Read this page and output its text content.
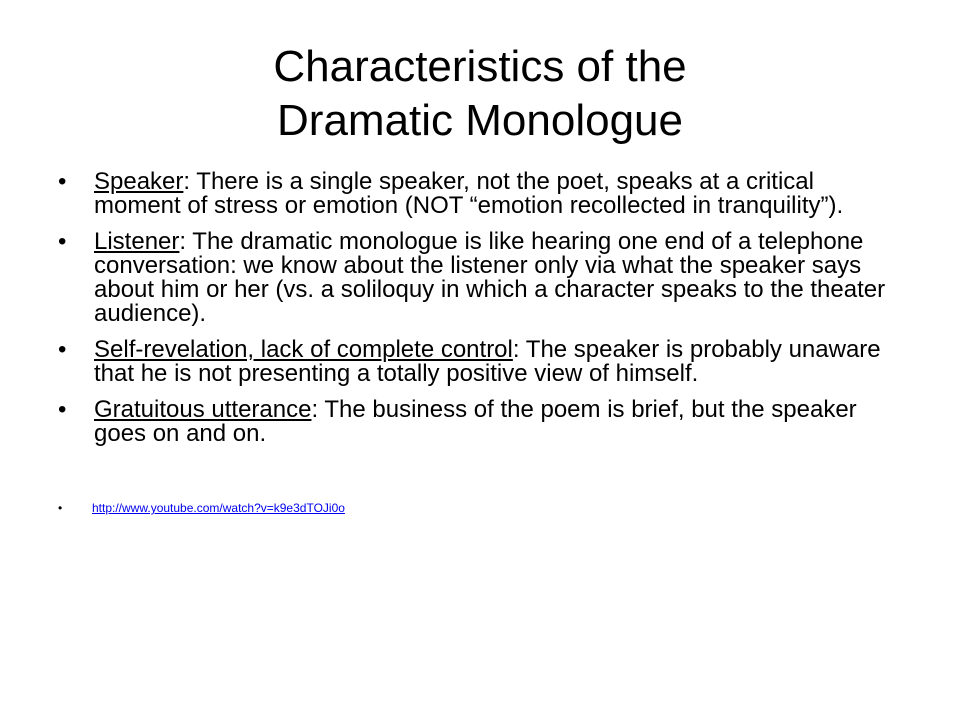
Characteristics of the
Dramatic Monologue
• Speaker: There is a single speaker, not the poet, speaks at a critical moment of stress or emotion (NOT “emotion recollected in tranquility”).
• Listener: The dramatic monologue is like hearing one end of a telephone conversation: we know about the listener only via what the speaker says about him or her (vs. a soliloquy in which a character speaks to the theater audience).
• Self-revelation, lack of complete control: The speaker is probably unaware that he is not presenting a totally positive view of himself.
• Gratuitous utterance: The business of the poem is brief, but the speaker goes on and on.
• http://www.youtube.com/watch?v=k9e3dTOJi0o
